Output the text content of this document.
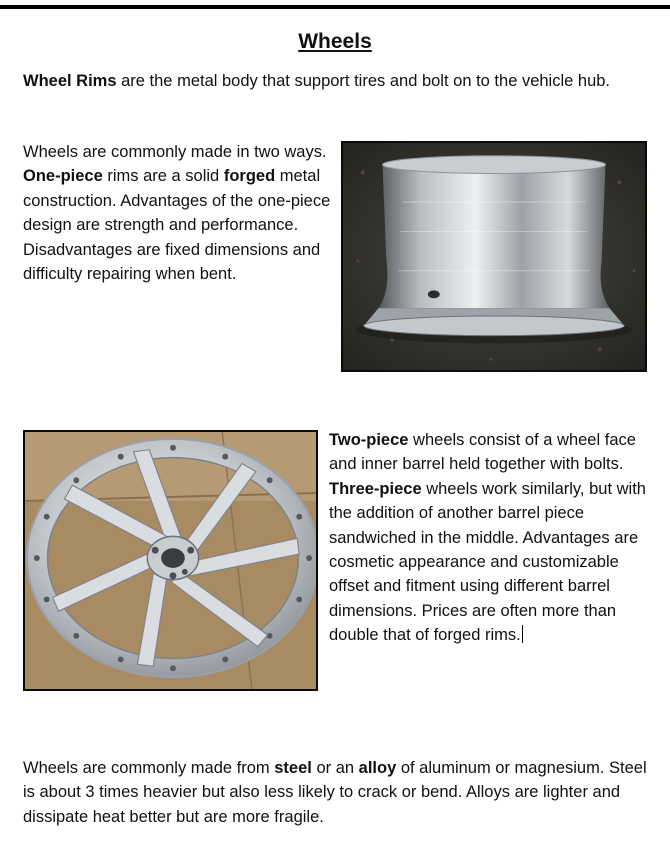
Wheels

Wheel Rims are the metal body that support tires and bolt on to the vehicle hub.

Wheels are commonly made in two ways. One-piece rims are a solid forged metal construction. Advantages of the one-piece design are strength and performance. Disadvantages are fixed dimensions and difficulty repairing when bent.

Two-piece wheels consist of a wheel face and inner barrel held together with bolts. Three-piece wheels work similarly, but with the addition of another barrel piece sandwiched in the middle. Advantages are cosmetic appearance and customizable offset and fitment using different barrel dimensions. Prices are often more than double that of forged rims.

Wheels are commonly made from steel or an alloy of aluminum or magnesium. Steel is about 3 times heavier but also less likely to crack or bend. Alloys are lighter and dissipate heat better but are more fragile.
